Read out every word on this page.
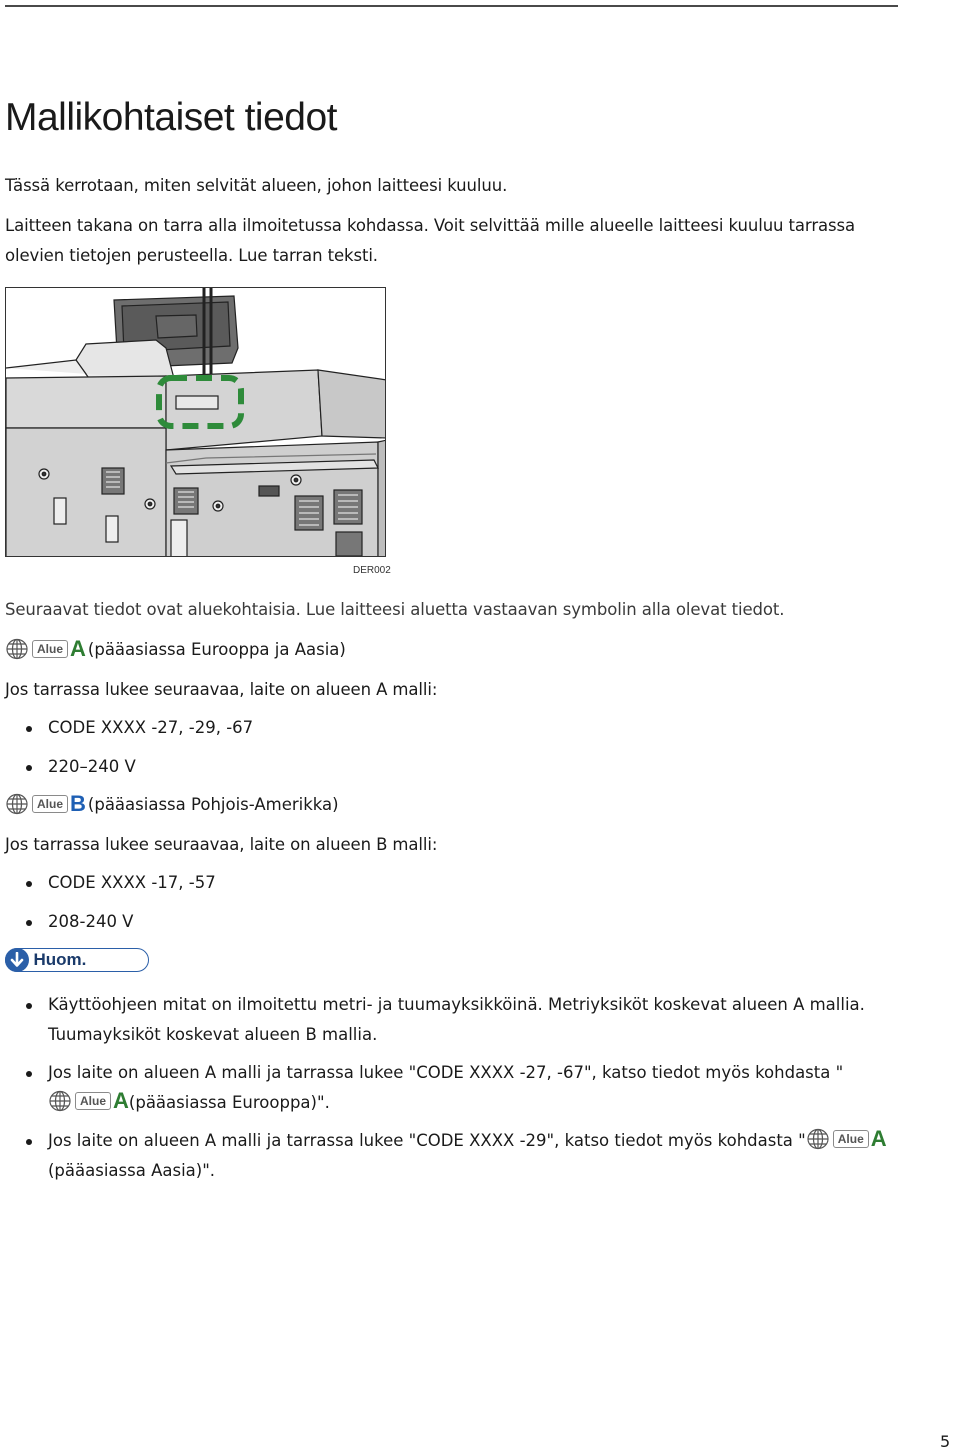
Mallikohtaiset tiedot

Tässä kerrotaan, miten selvität alueen, johon laitteesi kuuluu.

Laitteen takana on tarra alla ilmoitetussa kohdassa. Voit selvittää mille alueelle laitteesi kuuluu tarrassa olevien tietojen perusteella. Lue tarran teksti.

DER002

Seuraavat tiedot ovat aluekohtaisia. Lue laitteesi aluetta vastaavan symbolin alla olevat tiedot.

Alue A (pääasiassa Eurooppa ja Aasia)

Jos tarrassa lukee seuraavaa, laite on alueen A malli:

CODE XXXX -27, -29, -67
220–240 V
Alue B (pääasiassa Pohjois-Amerikka)

Jos tarrassa lukee seuraavaa, laite on alueen B malli:

CODE XXXX -17, -57
208-240 V
Huom.
Käyttöohjeen mitat on ilmoitettu metri- ja tuumayksikköinä. Metriyksiköt koskevat alueen A mallia. Tuumayksiköt koskevat alueen B mallia.
Jos laite on alueen A malli ja tarrassa lukee "CODE XXXX -27, -67", katso tiedot myös kohdasta "
Alue A (pääasiassa Eurooppa)".
Jos laite on alueen A malli ja tarrassa lukee "CODE XXXX -29", katso tiedot myös kohdasta "	Alue A
(pääasiassa Aasia)".
5
